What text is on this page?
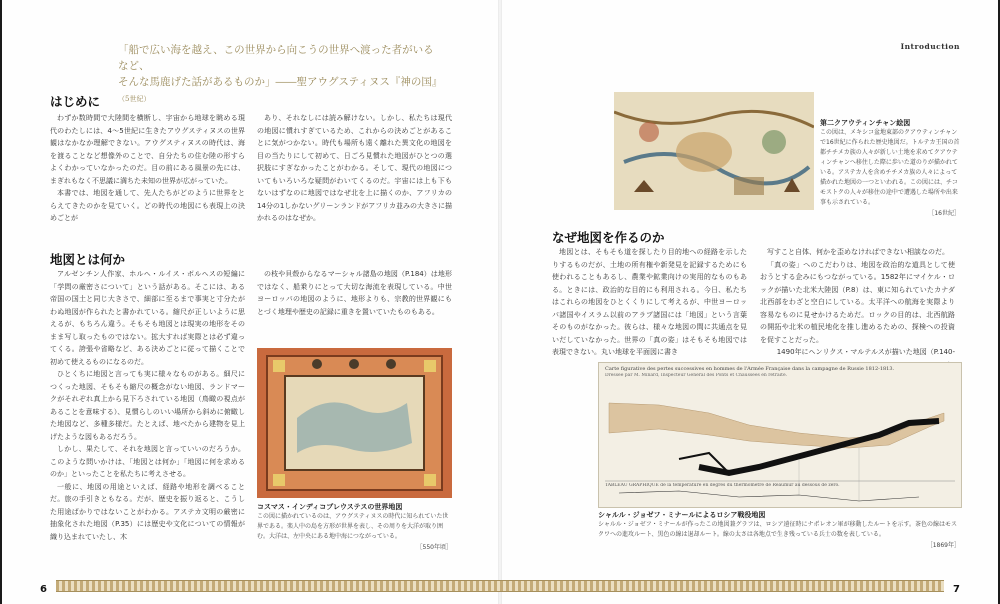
「船で広い海を越え、この世界から向こうの世界へ渡った者がいるなど、
そんな馬鹿げた話があるものか」――聖アウグスティヌス『神の国』（5世紀）
Introduction
はじめに

わずか数時間で大陸間を横断し、宇宙から地球を眺める現代のわたしには、4〜5世紀に生きたアウグスティヌスの世界観はなかなか理解できない。アウグスティヌスの時代は、海を渡ることなど想像外のことで、自分たちの住む陸の形すらよくわかっていなかったのだ。目の前にある風景の先には、まぎれもなく不思議に満ちた未知の世界が広がっていた。

本書では、地図を通して、先人たちがどのように世界をとらえてきたのかを見ていく。どの時代の地図にも表現上の決めごとが

あり、それなしには読み解けない。しかし、私たちは現代の地図に慣れすぎているため、これからの決めごとがあることに気がつかない。時代も場所も遠く離れた異文化の地図を目の当たりにして初めて、日ごろ見慣れた地図がひとつの選択肢にすぎなかったことがわかる。そして、現代の地図についてもいろいろな疑問がわいてくるのだ。宇宙には上も下もないはずなのに地図ではなぜ北を上に描くのか、アフリカの14分の1しかないグリーンランドがアフリカ並みの大きさに描かれるのはなぜか。

地図とは何か

アルゼンチン人作家、ホルヘ・ルイス・ボルヘスの短編に「学問の厳密さについて」という話がある。そこには、ある帝国の国土と同じ大きさで、細部に至るまで事実と寸分たがわぬ地図が作られたと書かれている。縮尺が正しいように思えるが、もちろん違う。そもそも地図とは現実の地形をそのまま写し取ったものではない。拡大すれば実際とは必ず違ってくる。誇張や省略など、ある決めごとに従って描くことで初めて使えるものになるのだ。

ひとくちに地図と言っても実に様々なものがある。細尺につくった地図、そもそも縮尺の概念がない地図、ランドマークがそれぞれ真上から見下ろされている地図（鳥瞰の視点があることを意味する）、見慣らしのいい場所から斜めに俯瞰した地図など、多種多様だ。たとえば、地べたから建物を見上げたような図もあるだろう。

しかし、果たして、それを地図と言っていいのだろうか。このような問いかけは、「地図とは何か」「地図に何を求めるのか」といったことを私たちに考えさせる。

一般に、地図の用途といえば、経路や地形を調べることだ。旅の手引きともなる。だが、歴史を振り返ると、こうした用途ばかりではないことがわかる。アステカ文明の厳密に抽象化された地図（P.35）には歴史や文化についての情報が織り込まれていたし、木

の枝や貝殻からなるマーシャル諸島の地図（P.184）は地形ではなく、船乗りにとって大切な海流を表現している。中世ヨーロッパの地図のように、地形よりも、宗教的世界観にもとづく地理や歴史の記録に重きを置いていたものもある。

コスマス・インディコプレウステスの世界地図
この図に描かれているのは、アウグスティヌスの時代に知られていた世界である。楽人中の島を方形が世界を表し、その周りを大洋が取り囲む。大洋は、左中央にある地中海につながっている。
［550年頃］
第二クアウティンチャン絵図
この図は、メキシコ盆地東部のクアウティンチャンで16世紀に作られた歴史地図だ。トルテカ王国の首都チチメカ族の人々が新しい土地を求めてクアウティンチャンへ移住した際に歩いた道のりが描かれている。アステカ人を含めチチメカ族の人々によって描かれた地図の一つといわれる。この図には、チコモストクの人々が移住の途中で遭遇した場所や出来事も示されている。
［16世紀］
なぜ地図を作るのか

地図とは、そもそも道を探したり目的地への経路を示したりするものだが、土地の所有権や新発見を記録するためにも使われることもあるし、農業や鉱業向けの実用的なものもある。ときには、政治的な目的にも利用される。今日、私たちはこれらの地図をひとくくりにして考えるが、中世ヨーロッパ諸国やイスラム以前のアラブ諸国には「地図」という言葉そのものがなかった。彼らは、様々な地図の間に共通点を見いだしていなかった。世界の「真の姿」はそもそも地図では表現できない。丸い地球を平面図に書き

写すこと自体、何かを歪めなければできない相談なのだ。

「真の姿」へのこだわりは、地図を政治的な道具として使おうとする企みにもつながっている。1582年にマイケル・ロックが描いた北米大陸図（P.8）は、東に知られていたカナダ北西部をわざと空白にしている。太平洋への航海を実際より容易なものに見せかけるためだ。ロックの目的は、北西航路の開拓や北米の植民地化を推し進めるための、探検への投資を促すことだった。

1490年にヘンリクス・マルテルスが描いた地図（P.140-

Carte figurative des pertes successives en hommes de l'Armée Française dans la campagne de Russie 1812-1813.
Dressée par M. Minard, Inspecteur Général des Ponts et Chaussées en retraite.
TABLEAU GRAPHIQUE de la température en degrés du thermomètre de Réaumur au dessous de zéro.
シャルル・ジョゼフ・ミナールによるロシア戦役地図
シャルル・ジョゼフ・ミナールが作ったこの地図兼グラフは、ロシア遠征時にナポレオン軍が移動したルートを示す。茶色の線はモスクワへの進攻ルート、黒色の線は退却ルート。線の太さは各地点で生き残っている兵士の数を表している。
［1869年］
6	7
